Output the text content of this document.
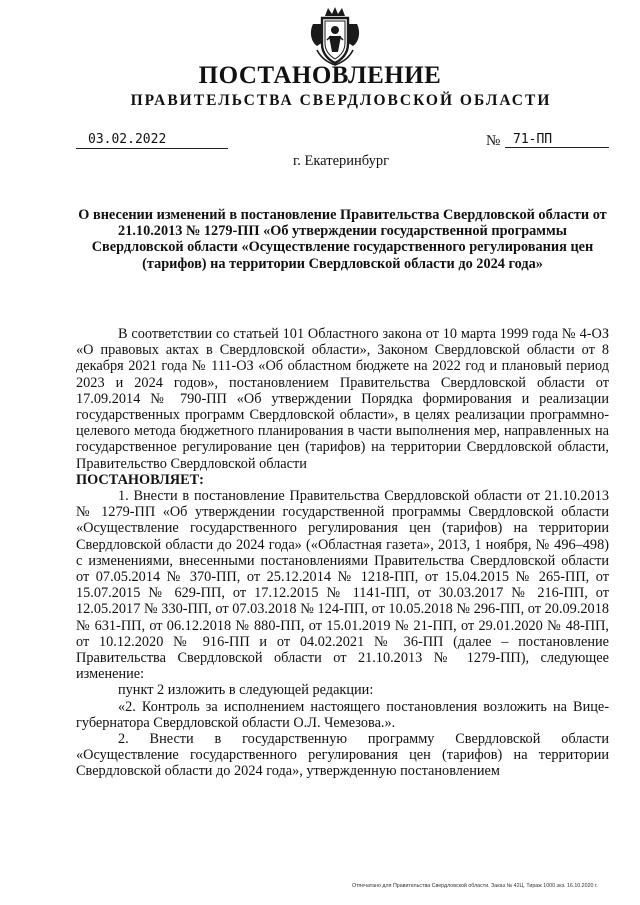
ПОСТАНОВЛЕНИЕ
ПРАВИТЕЛЬСТВА СВЕРДЛОВСКОЙ ОБЛАСТИ
03.02.2022	№ 71-ПП
г. Екатеринбург
О внесении изменений в постановление Правительства Свердловской области от 21.10.2013 № 1279-ПП «Об утверждении государственной программы Свердловской области «Осуществление государственного регулирования цен (тарифов) на территории Свердловской области до 2024 года»

В соответствии со статьей 101 Областного закона от 10 марта 1999 года № 4-ОЗ «О правовых актах в Свердловской области», Законом Свердловской области от 8 декабря 2021 года № 111-ОЗ «Об областном бюджете на 2022 год и плановый период 2023 и 2024 годов», постановлением Правительства Свердловской области от 17.09.2014 № 790-ПП «Об утверждении Порядка формирования и реализации государственных программ Свердловской области», в целях реализации программно-целевого метода бюджетного планирования в части выполнения мер, направленных на государственное регулирование цен (тарифов) на территории Свердловской области, Правительство Свердловской области

ПОСТАНОВЛЯЕТ:

1. Внести в постановление Правительства Свердловской области от 21.10.2013 № 1279-ПП «Об утверждении государственной программы Свердловской области «Осуществление государственного регулирования цен (тарифов) на территории Свердловской области до 2024 года» («Областная газета», 2013, 1 ноября, № 496–498) с изменениями, внесенными постановлениями Правительства Свердловской области от 07.05.2014 № 370-ПП, от 25.12.2014 № 1218-ПП, от 15.04.2015 № 265-ПП, от 15.07.2015 № 629-ПП, от 17.12.2015 № 1141-ПП, от 30.03.2017 № 216-ПП, от 12.05.2017 № 330-ПП, от 07.03.2018 № 124-ПП, от 10.05.2018 № 296-ПП, от 20.09.2018 № 631-ПП, от 06.12.2018 № 880-ПП, от 15.01.2019 № 21-ПП, от 29.01.2020 № 48-ПП, от 10.12.2020 № 916-ПП и от 04.02.2021 № 36-ПП (далее – постановление Правительства Свердловской области от 21.10.2013 № 1279-ПП), следующее изменение:

пункт 2 изложить в следующей редакции:

«2. Контроль за исполнением настоящего постановления возложить на Вице-губернатора Свердловской области О.Л. Чемезова.».

2. Внести в государственную программу Свердловской области «Осуществление государственного регулирования цен (тарифов) на территории Свердловской области до 2024 года», утвержденную постановлением

Отпечатано для Правительства Свердловской области. Заказ № 42Ц. Тираж 1000 экз. 16.10.2020 г.
